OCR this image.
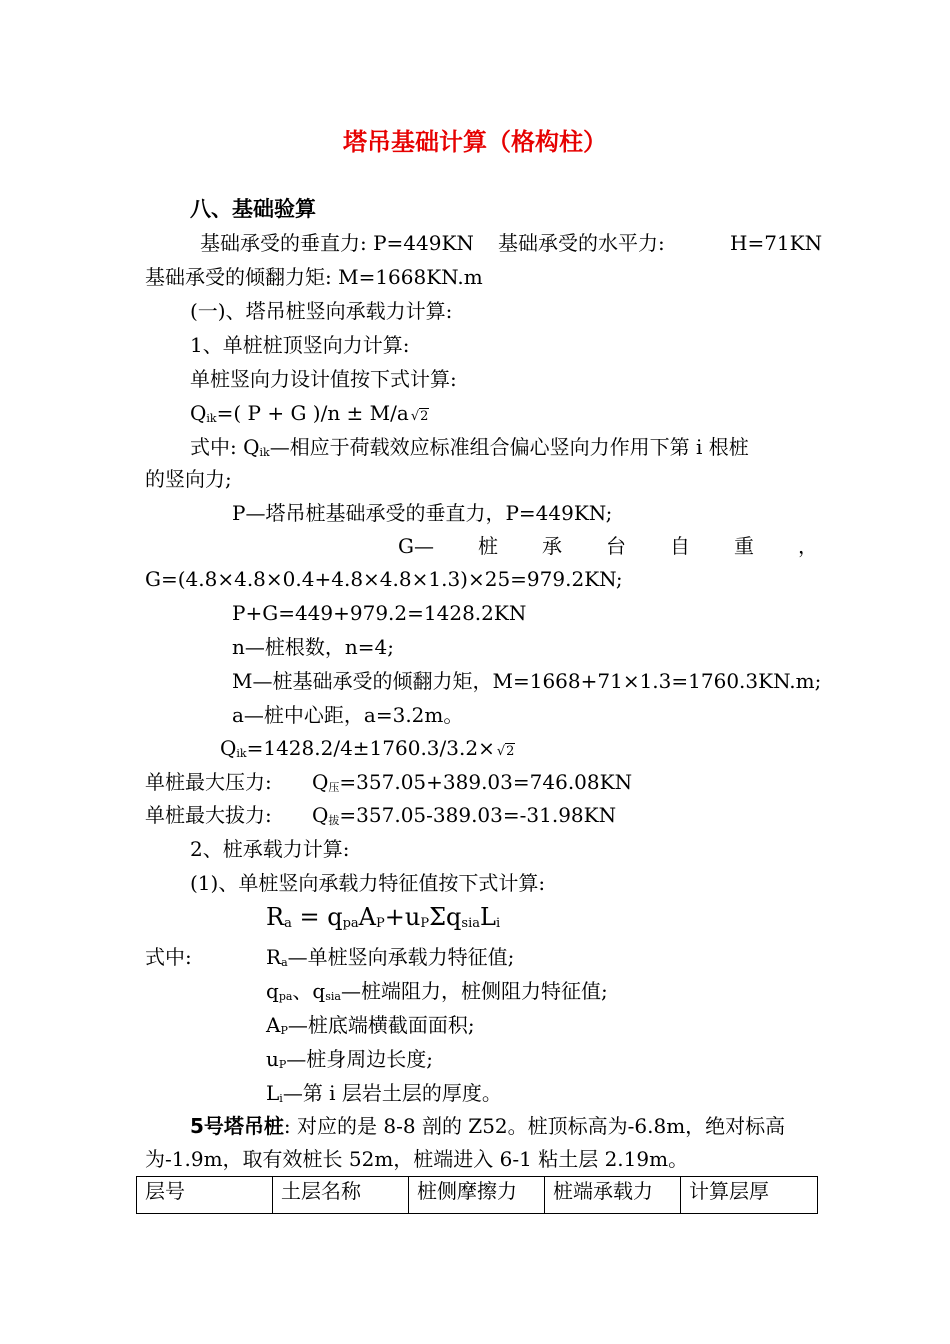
塔吊基础计算（格构柱）
八、基础验算
基础承受的垂直力: P=449KN 基础承受的水平力:	H=71KN
基础承受的倾翻力矩: M=1668KN.m
(一)、塔吊桩竖向承载力计算:
1、单桩桩顶竖向力计算:
单桩竖向力设计值按下式计算:
$Q_{ik}=$( P + G )/n ± M/a √2
式中: $Q_{ik}—$相应于荷载效应标准组合偏心竖向力作用下第 i 根桩
的竖向力;
P—塔吊桩基础承受的垂直力，P=449KN;
G— 桩 承 台 自 重 ，
G=(4.8×4.8×0.4+4.8×4.8×1.3)×25=979.2KN;
P+G=449+979.2=1428.2KN
n—桩根数，n=4;
M—桩基础承受的倾翻力矩，M=1668+71×1.3=1760.3KN.m;
a—桩中心距，a=3.2m。
$Q_{ik}=1428.2/4\pm 1760.3/3.2\times √2$
单桩最大压力: $Q_压=357.05+389.03=746.08KN$
单桩最大拔力: $Q_拔=357.05-389.03=-31.98KN$
2、桩承载力计算:
(1)、单桩竖向承载力特征值按下式计算:
$R_a = q_{pa}A_P+u_P\Sigma q_{sia}L_i$
式中:	$R_a—$单桩竖向承载力特征值;
$q_{pa}$、$q_{sia}—$桩端阻力，桩侧阻力特征值;
$A_P—$桩底端横截面面积;
$u_P—$桩身周边长度;
$L_i—$第 i 层岩土层的厚度。
5号塔吊桩: 对应的是 8-8 剖的 Z52。桩顶标高为-6.8m，绝对标高
为-1.9m，取有效桩长 52m，桩端进入 6-1 粘土层 2.19m。
层号	土层名称	桩侧摩擦力	桩端承载力	计算层厚
